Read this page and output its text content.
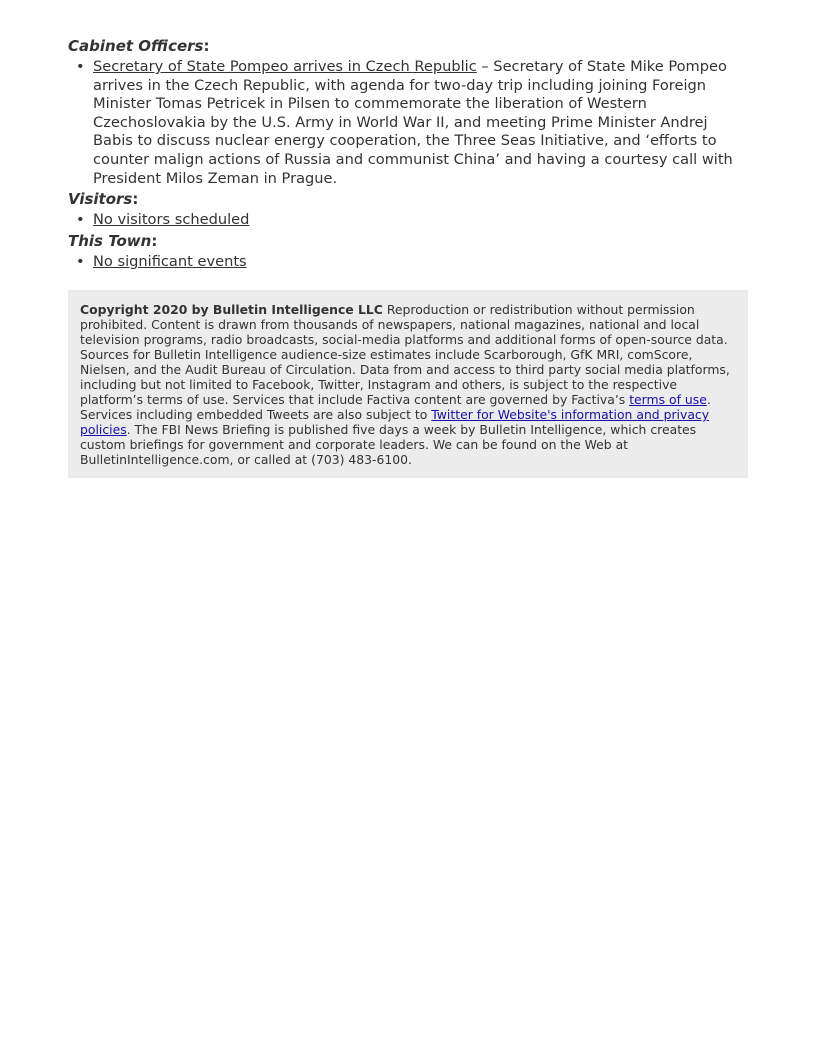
Cabinet Officers:

• Secretary of State Pompeo arrives in Czech Republic – Secretary of State Mike Pompeo arrives in the Czech Republic, with agenda for two-day trip including joining Foreign Minister Tomas Petricek in Pilsen to commemorate the liberation of Western Czechoslovakia by the U.S. Army in World War II, and meeting Prime Minister Andrej Babis to discuss nuclear energy cooperation, the Three Seas Initiative, and ‘efforts to counter malign actions of Russia and communist China’ and having a courtesy call with President Milos Zeman in Prague.

Visitors:

• No visitors scheduled

This Town:

• No significant events
Copyright 2020 by Bulletin Intelligence LLC Reproduction or redistribution without permission prohibited. Content is drawn from thousands of newspapers, national magazines, national and local television programs, radio broadcasts, social-media platforms and additional forms of open-source data. Sources for Bulletin Intelligence audience-size estimates include Scarborough, GfK MRI, comScore, Nielsen, and the Audit Bureau of Circulation. Data from and access to third party social media platforms, including but not limited to Facebook, Twitter, Instagram and others, is subject to the respective platform’s terms of use. Services that include Factiva content are governed by Factiva’s terms of use. Services including embedded Tweets are also subject to Twitter for Website's information and privacy policies. The FBI News Briefing is published five days a week by Bulletin Intelligence, which creates custom briefings for government and corporate leaders. We can be found on the Web at BulletinIntelligence.com, or called at (703) 483-6100.
